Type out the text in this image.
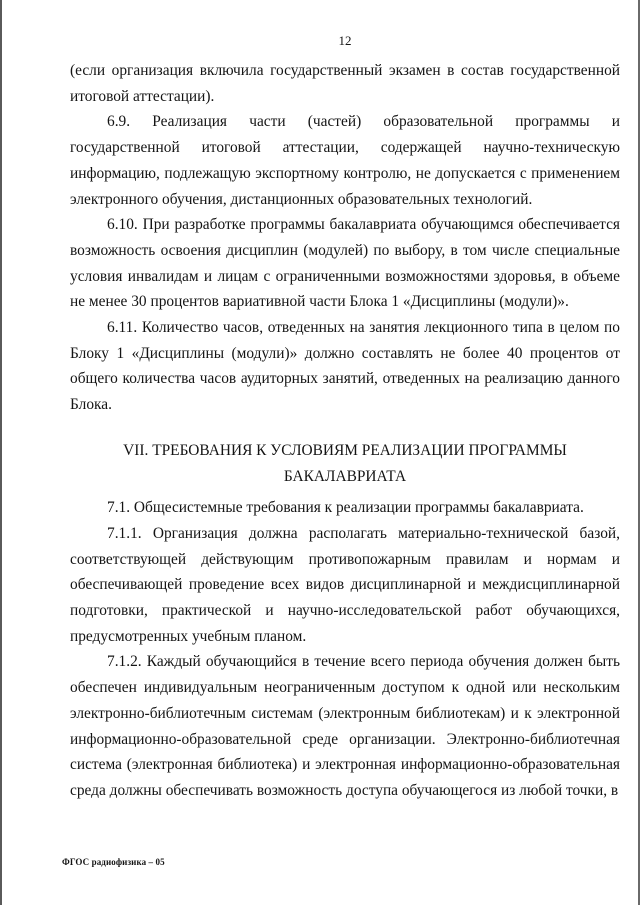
12

(если организация включила государственный экзамен в состав государственной итоговой аттестации).

6.9. Реализация части (частей) образовательной программы и государственной итоговой аттестации, содержащей научно-техническую информацию, подлежащую экспортному контролю, не допускается с применением электронного обучения, дистанционных образовательных технологий.

6.10. При разработке программы бакалавриата обучающимся обеспечивается возможность освоения дисциплин (модулей) по выбору, в том числе специальные условия инвалидам и лицам с ограниченными возможностями здоровья, в объеме не менее 30 процентов вариативной части Блока 1 «Дисциплины (модули)».

6.11. Количество часов, отведенных на занятия лекционного типа в целом по Блоку 1 «Дисциплины (модули)» должно составлять не более 40 процентов от общего количества часов аудиторных занятий, отведенных на реализацию данного Блока.

VII. ТРЕБОВАНИЯ К УСЛОВИЯМ РЕАЛИЗАЦИИ ПРОГРАММЫ
БАКАЛАВРИАТА

7.1. Общесистемные требования к реализации программы бакалавриата.

7.1.1. Организация должна располагать материально-технической базой, соответствующей действующим противопожарным правилам и нормам и обеспечивающей проведение всех видов дисциплинарной и междисциплинарной подготовки, практической и научно-исследовательской работ обучающихся, предусмотренных учебным планом.

7.1.2. Каждый обучающийся в течение всего периода обучения должен быть обеспечен индивидуальным неограниченным доступом к одной или нескольким электронно-библиотечным системам (электронным библиотекам) и к электронной информационно-образовательной среде организации. Электронно-библиотечная система (электронная библиотека) и электронная информационно-образовательная среда должны обеспечивать возможность доступа обучающегося из любой точки, в

ФГОС радиофизика – 05
